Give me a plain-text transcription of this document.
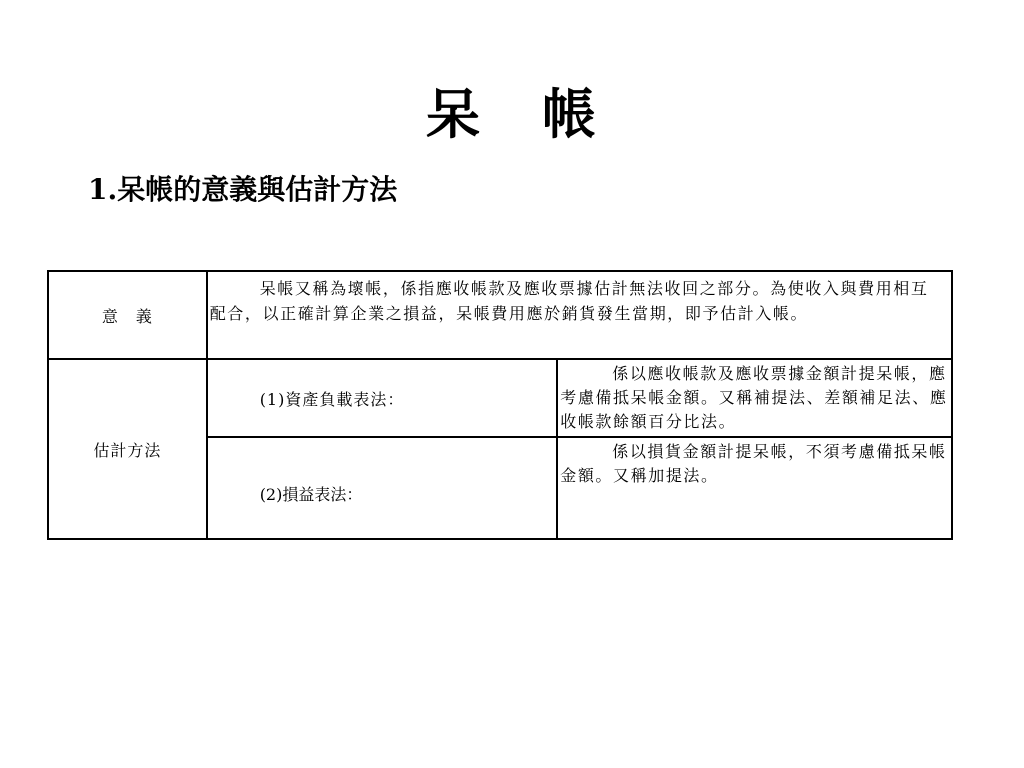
呆 帳
1.呆帳的意義與估計方法
意　義	呆帳又稱為壞帳，係指應收帳款及應收票據估計無法收回之部分。為使收入與費用相互配合，以正確計算企業之損益，呆帳費用應於銷貨發生當期，即予估計入帳。	

估計方法	(1)資產負載表法：	係以應收帳款及應收票據金額計提呆帳，應考慮備抵呆帳金額。又稱補提法、差額補足法、應收帳款餘額百分比法。

	(2)損益表法：	係以損貨金額計提呆帳，不須考慮備抵呆帳金額。又稱加提法。
